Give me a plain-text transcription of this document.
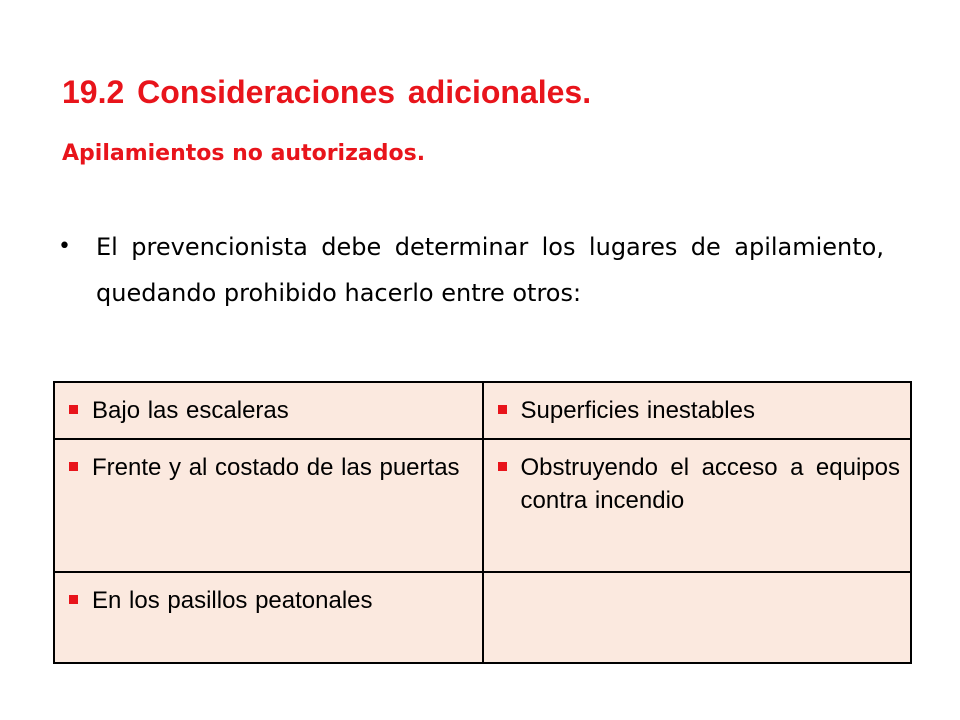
19.2 Consideraciones adicionales.
Apilamientos no autorizados.
• El prevencionista debe determinar los lugares de apilamiento, quedando prohibido hacerlo entre otros:

Bajo las escaleras	Superficies inestables

Frente y al costado de las puertas	Obstruyendo el acceso a equipos contra incendio

En los pasillos peatonales	
